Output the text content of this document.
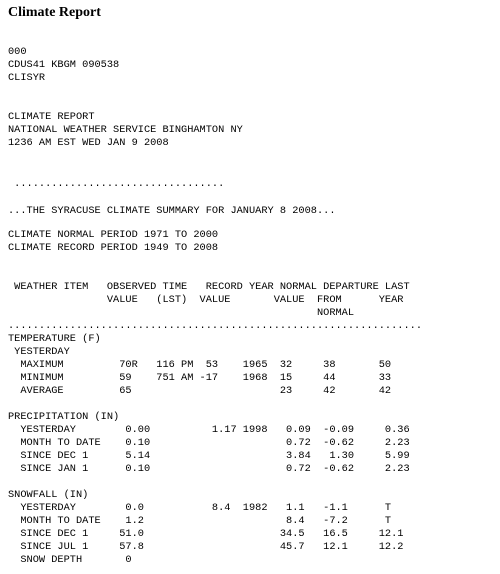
Climate Report
000
CDUS41 KBGM 090538
CLISYR
CLIMATE REPORT
NATIONAL WEATHER SERVICE BINGHAMTON NY
1236 AM EST WED JAN 9 2008
..................................
...THE SYRACUSE CLIMATE SUMMARY FOR JANUARY 8 2008...
CLIMATE NORMAL PERIOD 1971 TO 2000
CLIMATE RECORD PERIOD 1949 TO 2008
WEATHER ITEM   OBSERVED TIME   RECORD YEAR NORMAL DEPARTURE LAST
VALUE   (LST)  VALUE       VALUE  FROM      YEAR
NORMAL
...................................................................
TEMPERATURE (F)
YESTERDAY
MAXIMUM         70R   116 PM  53    1965  32     38       50
MINIMUM         59    751 AM -17    1968  15     44       33
AVERAGE         65                        23     42       42
PRECIPITATION (IN)
YESTERDAY        0.00          1.17 1998   0.09  -0.09     0.36
MONTH TO DATE    0.10                      0.72  -0.62     2.23
SINCE DEC 1      5.14                      3.84   1.30     5.99
SINCE JAN 1      0.10                      0.72  -0.62     2.23
SNOWFALL (IN)
YESTERDAY        0.0           8.4  1982   1.1   -1.1      T
MONTH TO DATE    1.2                       8.4   -7.2      T
SINCE DEC 1     51.0                      34.5   16.5     12.1
SINCE JUL 1     57.8                      45.7   12.1     12.2
SNOW DEPTH       0
